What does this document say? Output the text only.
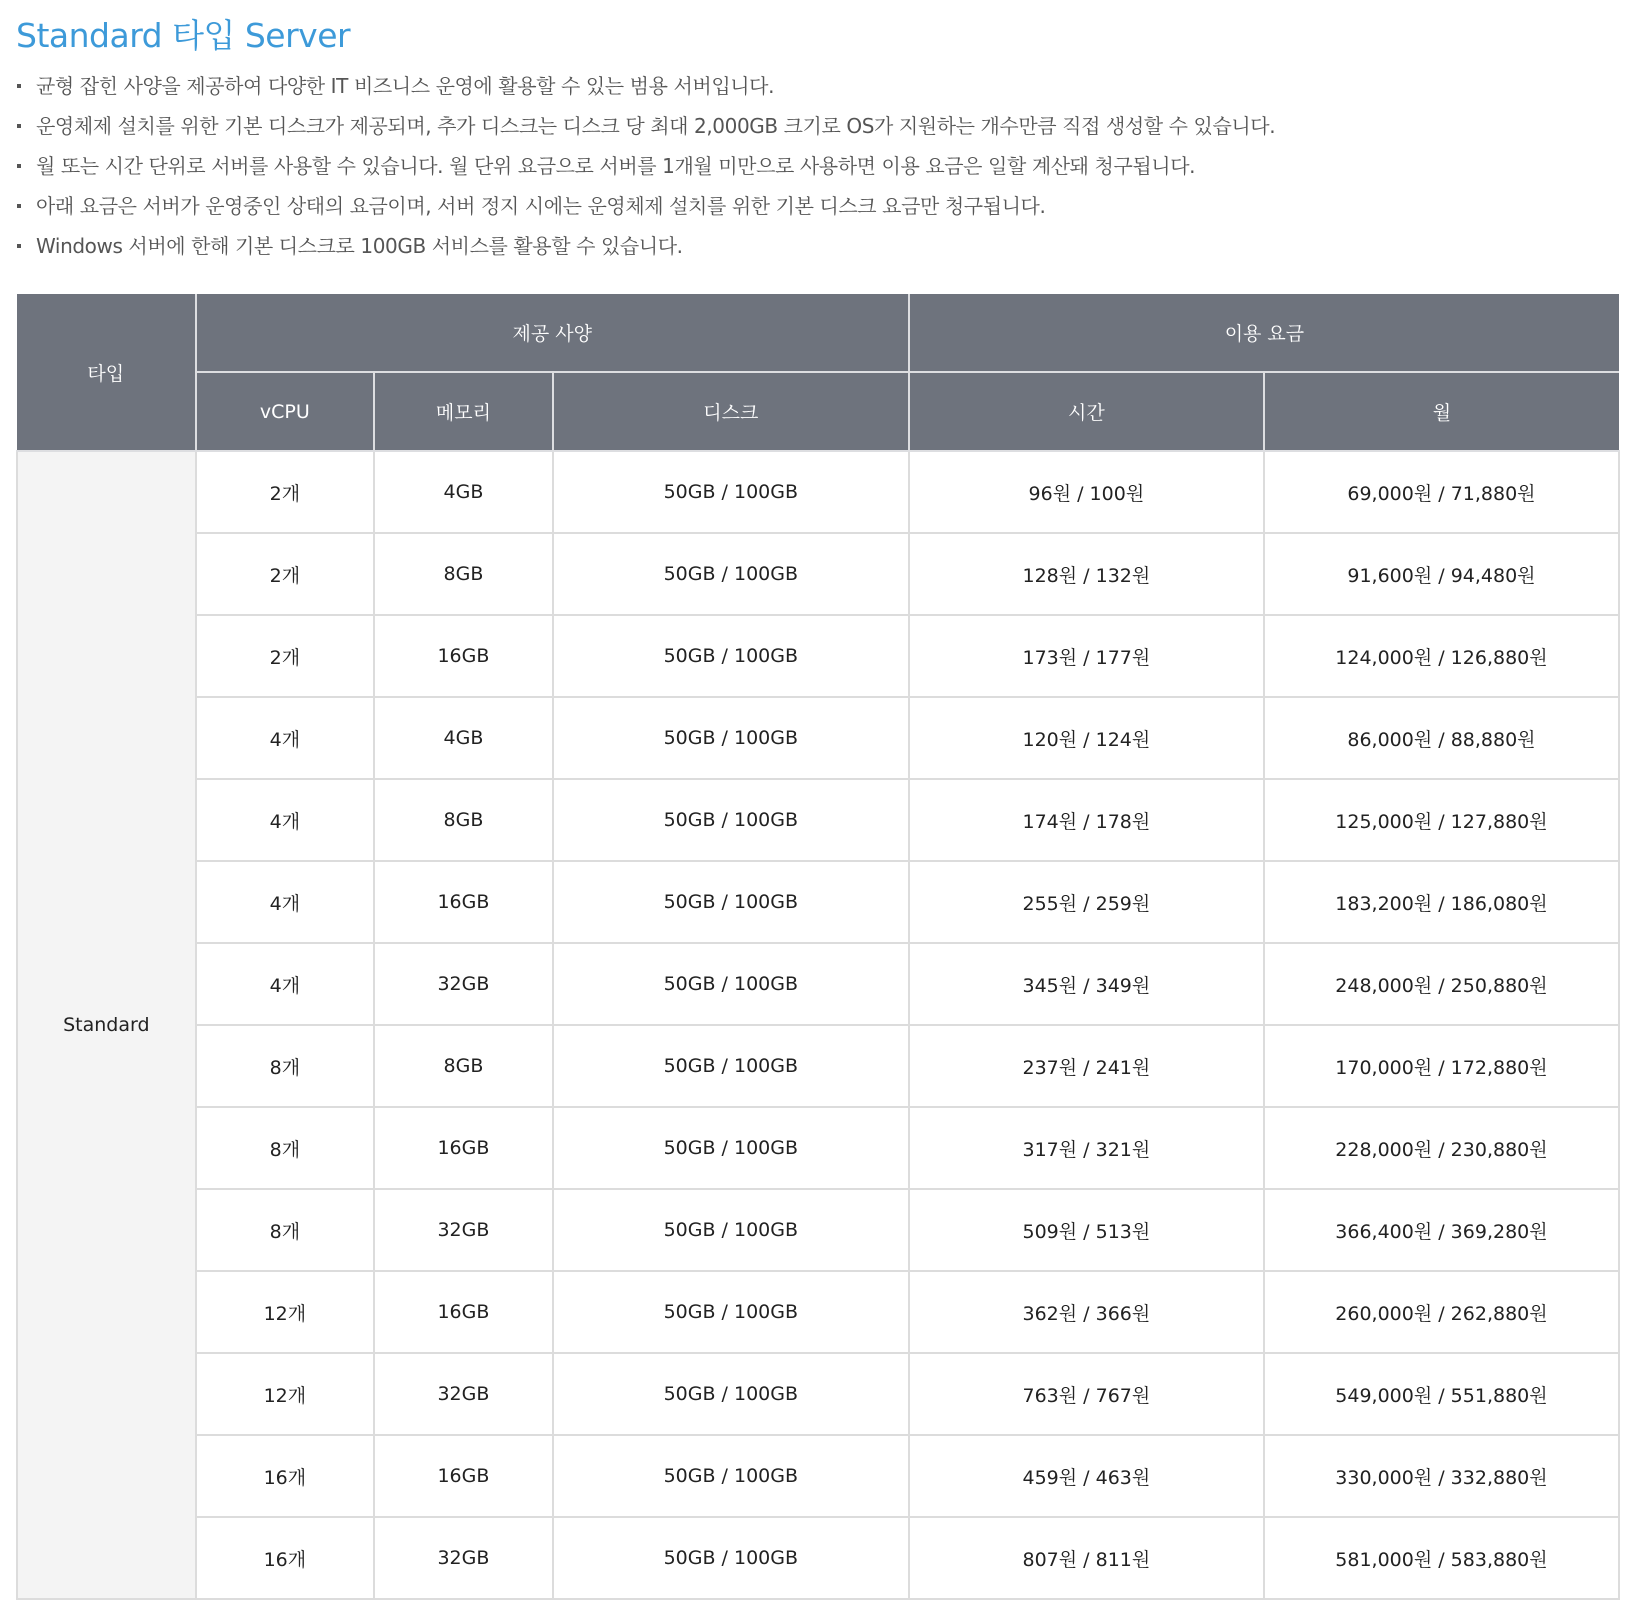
Standard 타입 Server
균형 잡힌 사양을 제공하여 다양한 IT 비즈니스 운영에 활용할 수 있는 범용 서버입니다.
운영체제 설치를 위한 기본 디스크가 제공되며, 추가 디스크는 디스크 당 최대 2,000GB 크기로 OS가 지원하는 개수만큼 직접 생성할 수 있습니다.
월 또는 시간 단위로 서버를 사용할 수 있습니다. 월 단위 요금으로 서버를 1개월 미만으로 사용하면 이용 요금은 일할 계산돼 청구됩니다.
아래 요금은 서버가 운영중인 상태의 요금이며, 서버 정지 시에는 운영체제 설치를 위한 기본 디스크 요금만 청구됩니다.
Windows 서버에 한해 기본 디스크로 100GB 서비스를 활용할 수 있습니다.
타입	제공 사양			이용 요금	
	vCPU	메모리	디스크	시간	월
Standard	2개	4GB	50GB / 100GB	96원 / 100원	69,000원 / 71,880원
	2개	8GB	50GB / 100GB	128원 / 132원	91,600원 / 94,480원
	2개	16GB	50GB / 100GB	173원 / 177원	124,000원 / 126,880원
	4개	4GB	50GB / 100GB	120원 / 124원	86,000원 / 88,880원
	4개	8GB	50GB / 100GB	174원 / 178원	125,000원 / 127,880원
	4개	16GB	50GB / 100GB	255원 / 259원	183,200원 / 186,080원
	4개	32GB	50GB / 100GB	345원 / 349원	248,000원 / 250,880원
	8개	8GB	50GB / 100GB	237원 / 241원	170,000원 / 172,880원
	8개	16GB	50GB / 100GB	317원 / 321원	228,000원 / 230,880원
	8개	32GB	50GB / 100GB	509원 / 513원	366,400원 / 369,280원
	12개	16GB	50GB / 100GB	362원 / 366원	260,000원 / 262,880원
	12개	32GB	50GB / 100GB	763원 / 767원	549,000원 / 551,880원
	16개	16GB	50GB / 100GB	459원 / 463원	330,000원 / 332,880원
	16개	32GB	50GB / 100GB	807원 / 811원	581,000원 / 583,880원
